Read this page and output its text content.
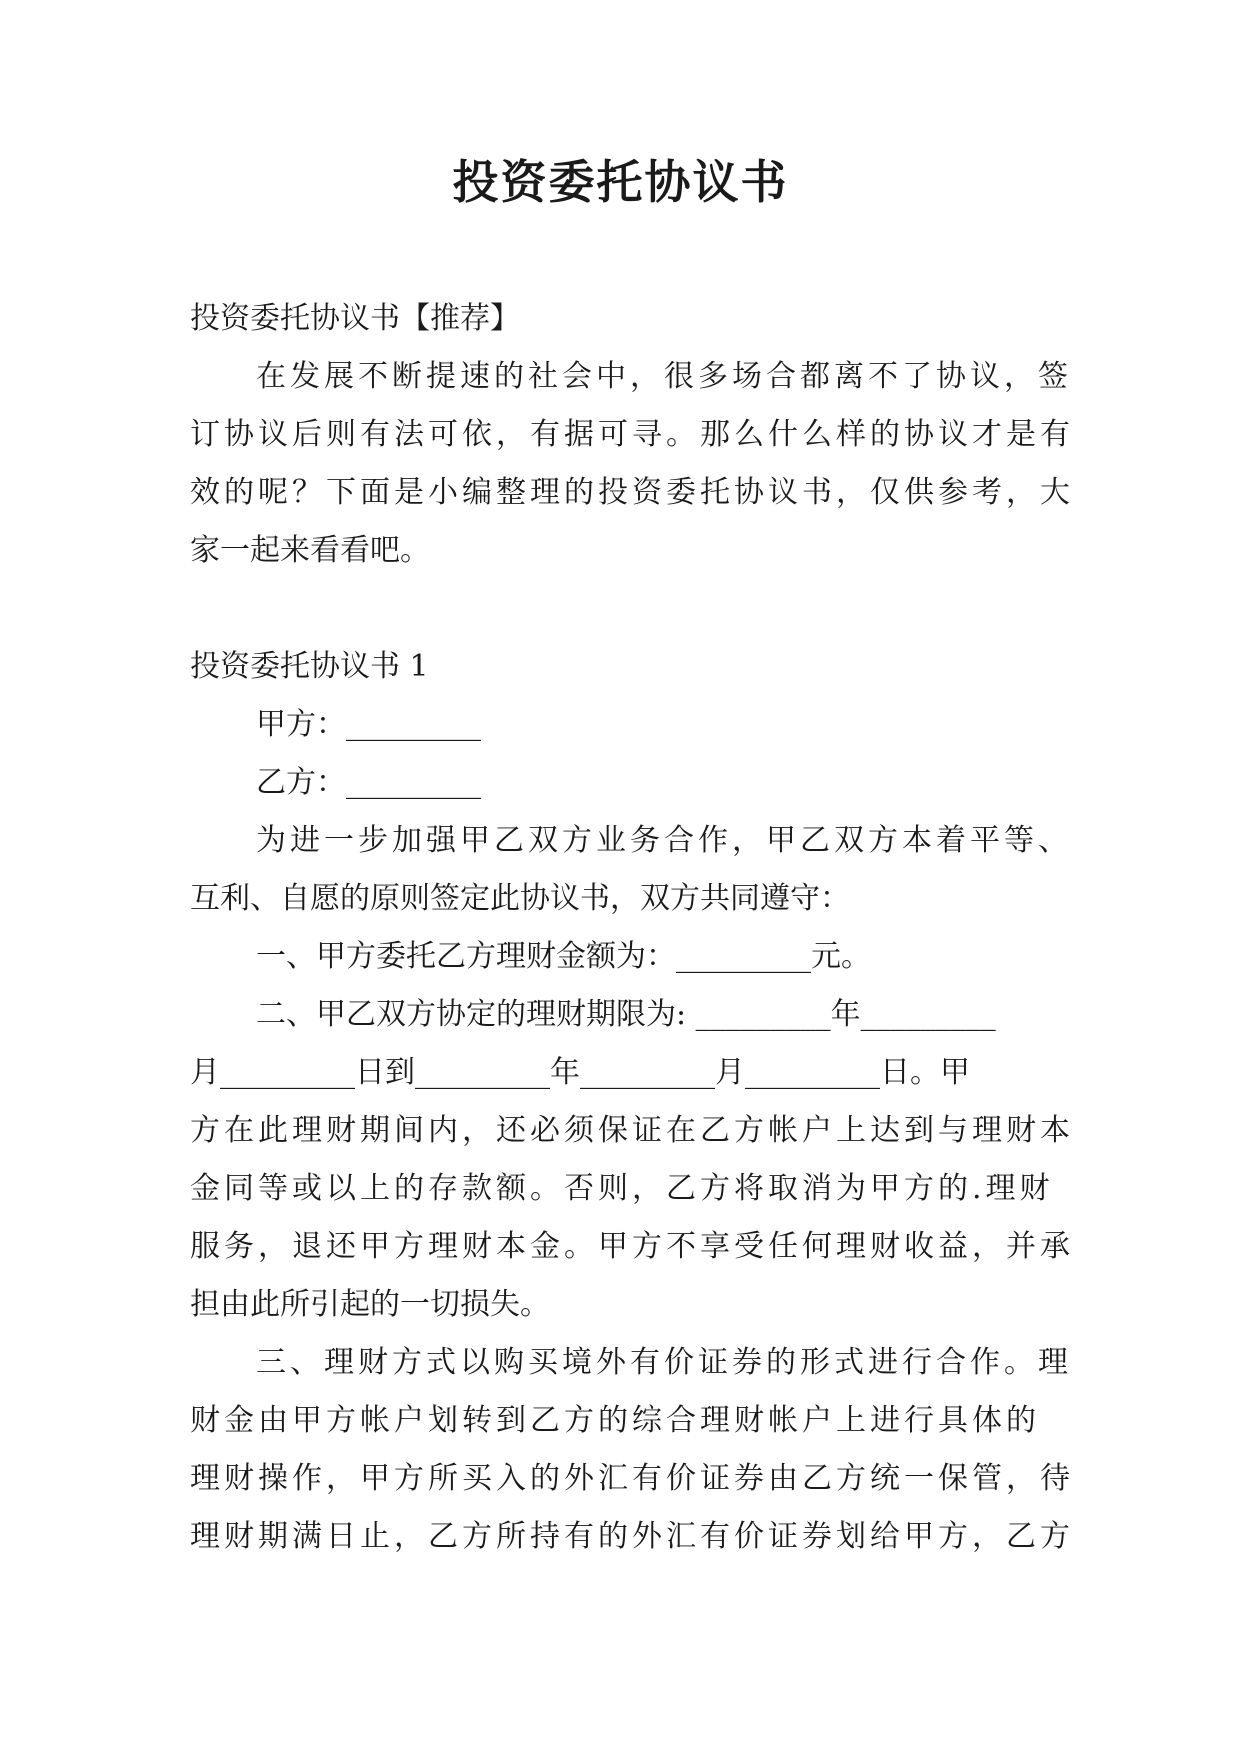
投资委托协议书
投资委托协议书【推荐】
在发展不断提速的社会中，很多场合都离不了协议，签
订协议后则有法可依，有据可寻。那么什么样的协议才是有
效的呢？下面是小编整理的投资委托协议书，仅供参考，大
家一起来看看吧。
投资委托协议书 1
甲方：_________
乙方：_________
为进一步加强甲乙双方业务合作，甲乙双方本着平等、
互利、自愿的原则签定此协议书，双方共同遵守：
一、甲方委托乙方理财金额为：_________元。
二、甲乙双方协定的理财期限为: _________年_________
月_________日到_________年_________月_________日。甲
方在此理财期间内，还必须保证在乙方帐户上达到与理财本
金同等或以上的存款额。否则，乙方将取消为甲方的.理财
服务，退还甲方理财本金。甲方不享受任何理财收益，并承
担由此所引起的一切损失。
三、理财方式以购买境外有价证券的形式进行合作。理
财金由甲方帐户划转到乙方的综合理财帐户上进行具体的
理财操作，甲方所买入的外汇有价证券由乙方统一保管，待
理财期满日止，乙方所持有的外汇有价证券划给甲方，乙方
